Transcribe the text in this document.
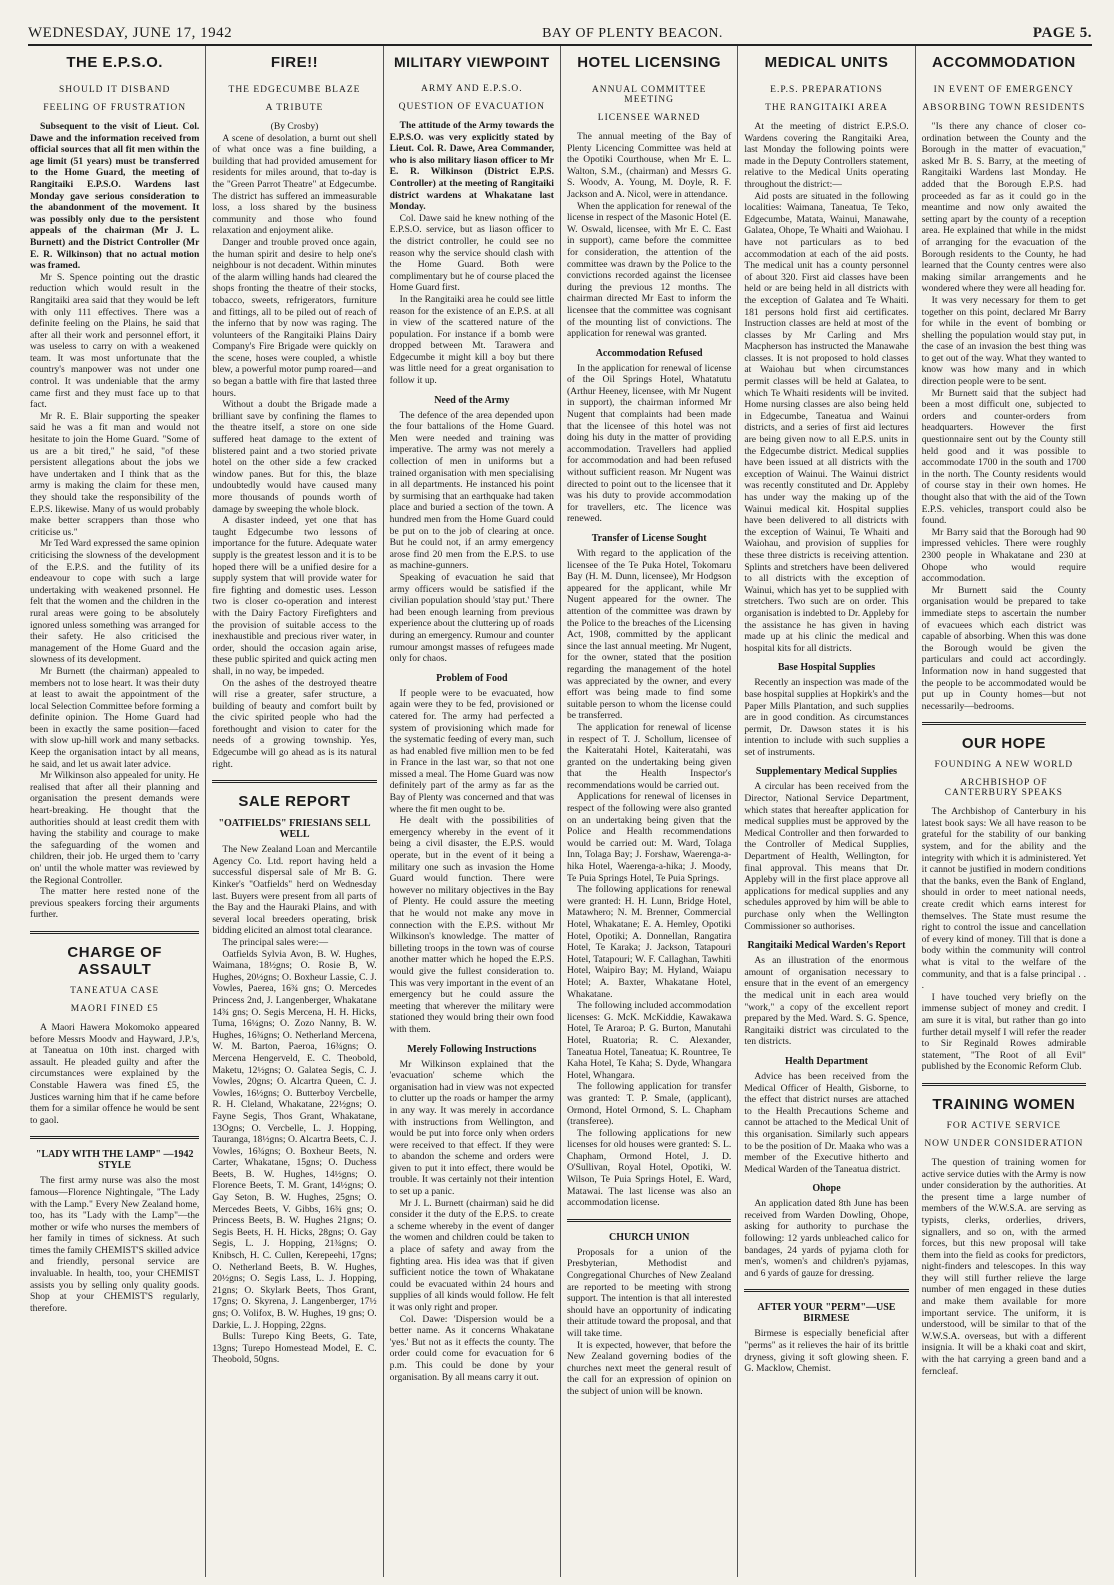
WEDNESDAY, JUNE 17, 1942	BAY OF PLENTY BEACON.	PAGE 5.
THE E.P.S.O.
SHOULD IT DISBAND
FEELING OF FRUSTRATION

Subsequent to the visit of Lieut. Col. Dawe and the information received from official sources that all fit men within the age limit (51 years) must be transferred to the Home Guard, the meeting of Rangitaiki E.P.S.O. Wardens last Monday gave serious consideration to the abandonment of the movement. It was possibly only due to the persistent appeals of the chairman (Mr J. L. Burnett) and the District Controller (Mr E. R. Wilkinson) that no actual motion was framed.

Mr S. Spence pointing out the drastic reduction which would result in the Rangitaiki area said that they would be left with only 111 effectives. There was a definite feeling on the Plains, he said that after all their work and personnel effort, it was useless to carry on with a weakened team. It was most unfortunate that the country's manpower was not under one control. It was undeniable that the army came first and they must face up to that fact.

Mr R. E. Blair supporting the speaker said he was a fit man and would not hesitate to join the Home Guard. "Some of us are a bit tired," he said, "of these persistent allegations about the jobs we have undertaken and I think that as the army is making the claim for these men, they should take the responsibility of the E.P.S. likewise. Many of us would probably make better scrappers than those who criticise us."

Mr Ted Ward expressed the same opinion criticising the slowness of the development of the E.P.S. and the futility of its endeavour to cope with such a large undertaking with weakened prsonnel. He felt that the women and the children in the rural areas were going to be absolutely ignored unless something was arranged for their safety. He also criticised the management of the Home Guard and the slowness of its development.

Mr Burnett (the chairman) appealed to members not to lose heart. It was their duty at least to await the appointment of the local Selection Committee before forming a definite opinion. The Home Guard had been in exactly the same position—faced with slow up-hill work and many setbacks. Keep the organisation intact by all means, he said, and let us await later advice.

Mr Wilkinson also appealed for unity. He realised that after all their planning and organisation the present demands were heart-breaking. He thought that the authorities should at least credit them with having the stability and courage to make the safeguarding of the women and children, their job. He urged them to 'carry on' until the whole matter was reviewed by the Regional Controller.

The matter here rested none of the previous speakers forcing their arguments further.

CHARGE OF ASSAULT
TANEATUA CASE
MAORI FINED £5

A Maori Hawera Mokomoko appeared before Messrs Moodv and Hayward, J.P.'s, at Taneatua on 10th inst. charged with assault. He pleaded guilty and after the circumstances were explained by the Constable Hawera was fined £5, the Justices warning him that if he came before them for a similar offence he would be sent to gaol.

"LADY WITH THE LAMP" —1942 STYLE

The first army nurse was also the most famous—Florence Nightingale, "The Lady with the Lamp." Every New Zealand home, too, has its "Lady with the Lamp"—the mother or wife who nurses the members of her family in times of sickness. At such times the family CHEMIST'S skilled advice and friendly, personal service are invaluable. In health, too, your CHEMIST assists you by selling only quality goods. Shop at your CHEMIST'S regularly, therefore.

FIRE!!
THE EDGECUMBE BLAZE
A TRIBUTE

(By Crosby)

A scene of desolation, a burnt out shell of what once was a fine building, a building that had provided amusement for residents for miles around, that to-day is the "Green Parrot Theatre" at Edgecumbe. The district has suffered an immeasurable loss, a loss shared by the business community and those who found relaxation and enjoyment alike.

Danger and trouble proved once again, the human spirit and desire to help one's neighbour is not decadent. Within minutes of the alarm willing hands had cleared the shops fronting the theatre of their stocks, tobacco, sweets, refrigerators, furniture and fittings, all to be piled out of reach of the inferno that by now was raging. The volunteers of the Rangitaiki Plains Dairy Company's Fire Brigade were quickly on the scene, hoses were coupled, a whistle blew, a powerful motor pump roared—and so began a battle with fire that lasted three hours.

Without a doubt the Brigade made a brilliant save by confining the flames to the theatre itself, a store on one side suffered heat damage to the extent of blistered paint and a two storied private hotel on the other side a few cracked window panes. But for this, the blaze undoubtedly would have caused many more thousands of pounds worth of damage by sweeping the whole block.

A disaster indeed, yet one that has taught Edgecumbe two lessons of importance for the future. Adequate water supply is the greatest lesson and it is to be hoped there will be a unified desire for a supply system that will provide water for fire fighting and domestic uses. Lesson two is closer co-operation and interest with the Dairy Factory Firefighters and the provision of suitable access to the inexhaustible and precious river water, in order, should the occasion again arise, these public spirited and quick acting men shall, in no way, be impeded.

On the ashes of the destroyed theatre will rise a greater, safer structure, a building of beauty and comfort built by the civic spirited people who had the forethought and vision to cater for the needs of a growing township. Yes, Edgecumbe will go ahead as is its natural right.

SALE REPORT
"OATFIELDS" FRIESIANS SELL WELL

The New Zealand Loan and Mercantile Agency Co. Ltd. report having held a successful dispersal sale of Mr B. G. Kinker's "Oatfields" herd on Wednesday last. Buyers were present from all parts of the Bay and the Hauraki Plains, and with several local breeders operating, brisk bidding elicited an almost total clearance.

The principal sales were:—

Oatfields Sylvia Avon, B. W. Hughes, Waimana, 18½gns; O. Rosie B, W. Hughes, 20½gns; O. Boxheur Lassie, C. J. Vowles, Paerea, 16¾ gns; O. Mercedes Princess 2nd, J. Langenberger, Whakatane 14¾ gns; O. Segis Mercena, H. H. Hicks, Tuma, 16¼gns; O. Zozo Nanny, B. W. Hughes, 16¾gns; O. Netherland Mercena, W. M. Barton, Paeroa, 16¾gns; O. Mercena Hengerveld, E. C. Theobold, Maketu, 12½gns; O. Galatea Segis, C. J. Vowles, 20gns; O. Alcartra Queen, C. J. Vowles, 16½gns; O. Butterboy Vercbelle, R. H. Cleland, Whakatane, 22½gns; O. Fayne Segis, Thos Grant, Whakatane, 13Ogns; O. Vercbelle, L. J. Hopping, Tauranga, 18½gns; O. Alcartra Beets, C. J. Vowles, 16¾gns; O. Boxheur Beets, N. Carter, Whakatane, 15gns; O. Duchess Beets, B. W. Hughes, 14½gns; O. Florence Beets, T. M. Grant, 14½gns; O. Gay Seton, B. W. Hughes, 25gns; O. Mercedes Beets, V. Gibbs, 16¾ gns; O. Princess Beets, B. W. Hughes 21gns; O. Segis Beets, H. H. Hicks, 28gns; O. Gay Segis, L. J. Hopping, 21¾gns; O. Knibsch, H. C. Cullen, Kerepeehi, 17gns; O. Netherland Beets, B. W. Hughes, 20½gns; O. Segis Lass, L. J. Hopping, 21gns; O. Skylark Beets, Thos Grant, 17gns; O. Skyrena, J. Langenberger, 17½ gns; O. Volifox, B. W. Hughes, 19 gns; O. Darkie, L. J. Hopping, 22gns.

Bulls: Turepo King Beets, G. Tate, 13gns; Turepo Homestead Model, E. C. Theobold, 50gns.

MILITARY VIEWPOINT
ARMY AND E.P.S.O.
QUESTION OF EVACUATION

The attitude of the Army towards the E.P.S.O. was very explicitly stated by Lieut. Col. R. Dawe, Area Commander, who is also military liason officer to Mr E. R. Wilkinson (District E.P.S. Controller) at the meeting of Rangitaiki district wardens at Whakatane last Monday.

Col. Dawe said he knew nothing of the E.P.S.O. service, but as liason officer to the district controller, he could see no reason why the service should clash with the Home Guard. Both were complimentary but he of course placed the Home Guard first.

In the Rangitaiki area he could see little reason for the existence of an E.P.S. at all in view of the scattered nature of the population. For instance if a bomb were dropped between Mt. Tarawera and Edgecumbe it might kill a boy but there was little need for a great organisation to follow it up.

Need of the Army

The defence of the area depended upon the four battalions of the Home Guard. Men were needed and training was imperative. The army was not merely a collection of men in uniforms but a trained organisation with men specialising in all departments. He instanced his point by surmising that an earthquake had taken place and buried a section of the town. A hundred men from the Home Guard could be put on to the job of clearing at once. But he could not, if an army emergency arose find 20 men from the E.P.S. to use as machine-gunners.

Speaking of evacuation he said that army officers would be satisfied if the civilian population should 'stay put.' There had been enough learning from previous experience about the cluttering up of roads during an emergency. Rumour and counter rumour amongst masses of refugees made only for chaos.

Problem of Food

If people were to be evacuated, how again were they to be fed, provisioned or catered for. The army had perfected a system of provisioning which made for the systematic feeding of every man, such as had enabled five million men to be fed in France in the last war, so that not one missed a meal. The Home Guard was now definitely part of the army as far as the Bay of Plenty was concerned and that was where the fit men ought to be.

He dealt with the possibilities of emergency whereby in the event of it being a civil disaster, the E.P.S. would operate, but in the event of it being a military one such as invasion the Home Guard would function. There were however no military objectives in the Bay of Plenty. He could assure the meeting that he would not make any move in connection with the E.P.S. without Mr Wilkinson's knowledge. The matter of billeting troops in the town was of course another matter which he hoped the E.P.S. would give the fullest consideration to. This was very important in the event of an emergency but he could assure the meeting that wherever the military were stationed they would bring their own food with them.

Merely Following Instructions

Mr Wilkinson explained that the 'evacuation' scheme which the organisation had in view was not expected to clutter up the roads or hamper the army in any way. It was merely in accordance with instructions from Wellington, and would be put into force only when orders were received to that effect. If they were to abandon the scheme and orders were given to put it into effect, there would be trouble. It was certainly not their intention to set up a panic.

Mr J. L. Burnett (chairman) said he did consider it the duty of the E.P.S. to create a scheme whereby in the event of danger the women and children could be taken to a place of safety and away from the fighting area. His idea was that if given sufficient notice the town of Whakatane could be evacuated within 24 hours and supplies of all kinds would follow. He felt it was only right and proper.

Col. Dawe: 'Dispersion would be a better name. As it concerns Whakatane 'yes.' But not as it effects the county. The order could come for evacuation for 6 p.m. This could be done by your organisation. By all means carry it out.

HOTEL LICENSING
ANNUAL COMMITTEE MEETING
LICENSEE WARNED

The annual meeting of the Bay of Plenty Licencing Committee was held at the Opotiki Courthouse, when Mr E. L. Walton, S.M., (chairman) and Messrs G. S. Woodv, A. Young, M. Doyle, R. F. Jackson and A. Nicol, were in attendance.

When the application for renewal of the license in respect of the Masonic Hotel (E. W. Oswald, licensee, with Mr E. C. East in support), came before the committee for consideration, the attention of the committee was drawn by the Police to the convictions recorded against the licensee during the previous 12 months. The chairman directed Mr East to inform the licensee that the committee was cognisant of the mounting list of convictions. The application for renewal was granted.

Accommodation Refused

In the application for renewal of license of the Oil Springs Hotel, Whatatutu (Arthur Heeney, licensee, with Mr Nugent in support), the chairman informed Mr Nugent that complaints had been made that the licensee of this hotel was not doing his duty in the matter of providing accommodation. Travellers had applied for accommodation and had been refused without sufficient reason. Mr Nugent was directed to point out to the licensee that it was his duty to provide accommodation for travellers, etc. The licence was renewed.

Transfer of License Sought

With regard to the application of the licensee of the Te Puka Hotel, Tokomaru Bay (H. M. Dunn, licensee), Mr Hodgson appeared for the applicant, while Mr Nugent appeared for the owner. The attention of the committee was drawn by the Police to the breaches of the Licensing Act, 1908, committed by the applicant since the last annual meeting. Mr Nugent, for the owner, stated that the position regarding the management of the hotel was appreciated by the owner, and every effort was being made to find some suitable person to whom the license could be transferred.

The application for renewal of license in respect of T. J. Schollum, licensee of the Kaiteratahi Hotel, Kaiteratahi, was granted on the undertaking being given that the Health Inspector's recommendations would be carried out.

Applications for renewal of licenses in respect of the following were also granted on an undertaking being given that the Police and Health recommendations would be carried out: M. Ward, Tolaga Inn, Tolaga Bay; J. Forshaw, Waerenga-a-hika Hotel, Waerenga-a-hika; J. Moody, Te Puia Springs Hotel, Te Puia Springs.

The following applications for renewal were granted: H. H. Lunn, Bridge Hotel, Matawhero; N. M. Brenner, Commercial Hotel, Whakatane; E. A. Hemley, Opotiki Hotel, Opotiki; A. Donnellan, Rangatira Hotel, Te Karaka; J. Jackson, Tatapouri Hotel, Tatapouri; W. F. Callaghan, Tawhiti Hotel, Waipiro Bay; M. Hyland, Waiapu Hotel; A. Baxter, Whakatane Hotel, Whakatane.

The following included accommodation licenses: G. McK. McKiddie, Kawakawa Hotel, Te Araroa; P. G. Burton, Manutahi Hotel, Ruatoria; R. C. Alexander, Taneatua Hotel, Taneatua; K. Rountree, Te Kaha Hotel, Te Kaha; S. Dyde, Whangara Hotel, Whangara.

The following application for transfer was granted: T. P. Smale, (applicant), Ormond, Hotel Ormond, S. L. Chapham (transferee).

The following applications for new licenses for old houses were granted: S. L. Chapham, Ormond Hotel, J. D. O'Sullivan, Royal Hotel, Opotiki, W. Wilson, Te Puia Springs Hotel, E. Ward, Matawai. The last license was also an accommodation license.

CHURCH UNION

Proposals for a union of the Presbyterian, Methodist and Congregational Churches of New Zealand are reported to be meeting with strong support. The intention is that all interested should have an opportunity of indicating their attitude toward the proposal, and that will take time.

It is expected, however, that before the New Zealand governing bodies of the churches next meet the general result of the call for an expression of opinion on the subject of union will be known.

MEDICAL UNITS
E.P.S. PREPARATIONS
THE RANGITAIKI AREA

At the meeting of district E.P.S.O. Wardens covering the Rangitaiki Area, last Monday the following points were made in the Deputy Controllers statement, relative to the Medical Units operating throughout the district:—

Aid posts are situated in the following localities: Waimana, Taneatua, Te Teko, Edgecumbe, Matata, Wainui, Manawahe, Galatea, Ohope, Te Whaiti and Waiohau. I have not particulars as to bed accommodation at each of the aid posts. The medical unit has a county personnel of about 320. First aid classes have been held or are being held in all districts with the exception of Galatea and Te Whaiti. 181 persons hold first aid certificates. Instruction classes are held at most of the classes by Mr Carling and Mrs Macpherson has instructed the Manawahe classes. It is not proposed to hold classes at Waiohau but when circumstances permit classes will be held at Galatea, to which Te Whaiti residents will be invited. Home nursing classes are also being held in Edgecumbe, Taneatua and Wainui districts, and a series of first aid lectures are being given now to all E.P.S. units in the Edgecumbe district. Medical supplies have been issued at all districts with the exception of Wainui. The Wainui district was recently constituted and Dr. Appleby has under way the making up of the Wainui medical kit. Hospital supplies have been delivered to all districts with the exception of Wainui, Te Whaiti and Waiohau, and provision of supplies for these three districts is receiving attention. Splints and stretchers have been delivered to all districts with the exception of Wainui, which has yet to be supplied with stretchers. Two such are on order. This organisation is indebted to Dr. Appleby for the assistance he has given in having made up at his clinic the medical and hospital kits for all districts.

Base Hospital Supplies

Recently an inspection was made of the base hospital supplies at Hopkirk's and the Paper Mills Plantation, and such supplies are in good condition. As circumstances permit, Dr. Dawson states it is his intention to include with such supplies a set of instruments.

Supplementary Medical Supplies

A circular has been received from the Director, National Service Department, which states that hereafter application for medical supplies must be approved by the Medical Controller and then forwarded to the Controller of Medical Supplies, Department of Health, Wellington, for final approval. This means that Dr. Appleby will in the first place approve all applications for medical supplies and any schedules approved by him will be able to purchase only when the Wellington Commissioner so authorises.

Rangitaiki Medical Warden's Report

As an illustration of the enormous amount of organisation necessary to ensure that in the event of an emergency the medical unit in each area would "work," a copy of the excellent report prepared by the Med. Ward. S. G. Spence, Rangitaiki district was circulated to the ten districts.

Health Department

Advice has been received from the Medical Officer of Health, Gisborne, to the effect that district nurses are attached to the Health Precautions Scheme and cannot be attached to the Medical Unit of this organisation. Similarly such appears to be the position of Dr. Maaka who was a member of the Executive hitherto and Medical Warden of the Taneatua district.

Ohope

An application dated 8th June has been received from Warden Dowling, Ohope, asking for authority to purchase the following: 12 yards unbleached calico for bandages, 24 yards of pyjama cloth for men's, women's and children's pyjamas, and 6 yards of gauze for dressing.

AFTER YOUR "PERM"—USE BIRMESE

Birmese is especially beneficial after "perms" as it relieves the hair of its brittle dryness, giving it soft glowing sheen. F. G. Macklow, Chemist.

ACCOMMODATION
IN EVENT OF EMERGENCY
ABSORBING TOWN RESIDENTS

"Is there any chance of closer co-ordination between the County and the Borough in the matter of evacuation," asked Mr B. S. Barry, at the meeting of Rangitaiki Wardens last Monday. He added that the Borough E.P.S. had proceeded as far as it could go in the meantime and now only awaited the setting apart by the county of a reception area. He explained that while in the midst of arranging for the evacuation of the Borough residents to the County, he had learned that the County centres were also making similar arrangements and he wondered where they were all heading for.

It was very necessary for them to get together on this point, declared Mr Barry for while in the event of bombing or shelling the population would stay put, in the case of an invasion the best thing was to get out of the way. What they wanted to know was how many and in which direction people were to be sent.

Mr Burnett said that the subject had been a most difficult one, subjected to orders and counter-orders from headquarters. However the first questionnaire sent out by the County still held good and it was possible to accommodate 1700 in the south and 1700 in the north. The County residents would of course stay in their own homes. He thought also that with the aid of the Town E.P.S. vehicles, transport could also be found.

Mr Barry said that the Borough had 90 impressed vehicles. There were roughly 2300 people in Whakatane and 230 at Ohope who would require accommodation.

Mr Burnett said the County organisation would be prepared to take immediate steps to ascertain the number of evacuees which each district was capable of absorbing. When this was done the Borough would be given the particulars and could act accordingly. Information now in hand suggested that the people to be accommodated would be put up in County homes—but not necessarily—bedrooms.

OUR HOPE
FOUNDING A NEW WORLD
ARCHBISHOP OF CANTERBURY SPEAKS

The Archbishop of Canterbury in his latest book says: We all have reason to be grateful for the stability of our banking system, and for the ability and the integrity with which it is administered. Yet it cannot be justified in modern conditions that the banks, even the Bank of England, should in order to meet national needs, create credit which earns interest for themselves. The State must resume the right to control the issue and cancellation of every kind of money. Till that is done a body within the community will control what is vital to the welfare of the community, and that is a false principal . . .

I have touched very briefly on the immense subject of money and credit. I am sure it is vital, but rather than go into further detail myself I will refer the reader to Sir Reginald Rowes admirable statement, "The Root of all Evil" published by the Economic Reform Club.

TRAINING WOMEN
FOR ACTIVE SERVICE
NOW UNDER CONSIDERATION

The question of training women for active service duties with the Army is now under consideration by the authorities. At the present time a large number of members of the W.W.S.A. are serving as typists, clerks, orderlies, drivers, signallers, and so on, with the armed forces, but this new proposal will take them into the field as cooks for predictors, night-finders and telescopes. In this way they will still further relieve the large number of men engaged in these duties and make them available for more important service. The uniform, it is understood, will be similar to that of the W.W.S.A. overseas, but with a different insignia. It will be a khaki coat and skirt, with the hat carrying a green band and a ferncleaf.
